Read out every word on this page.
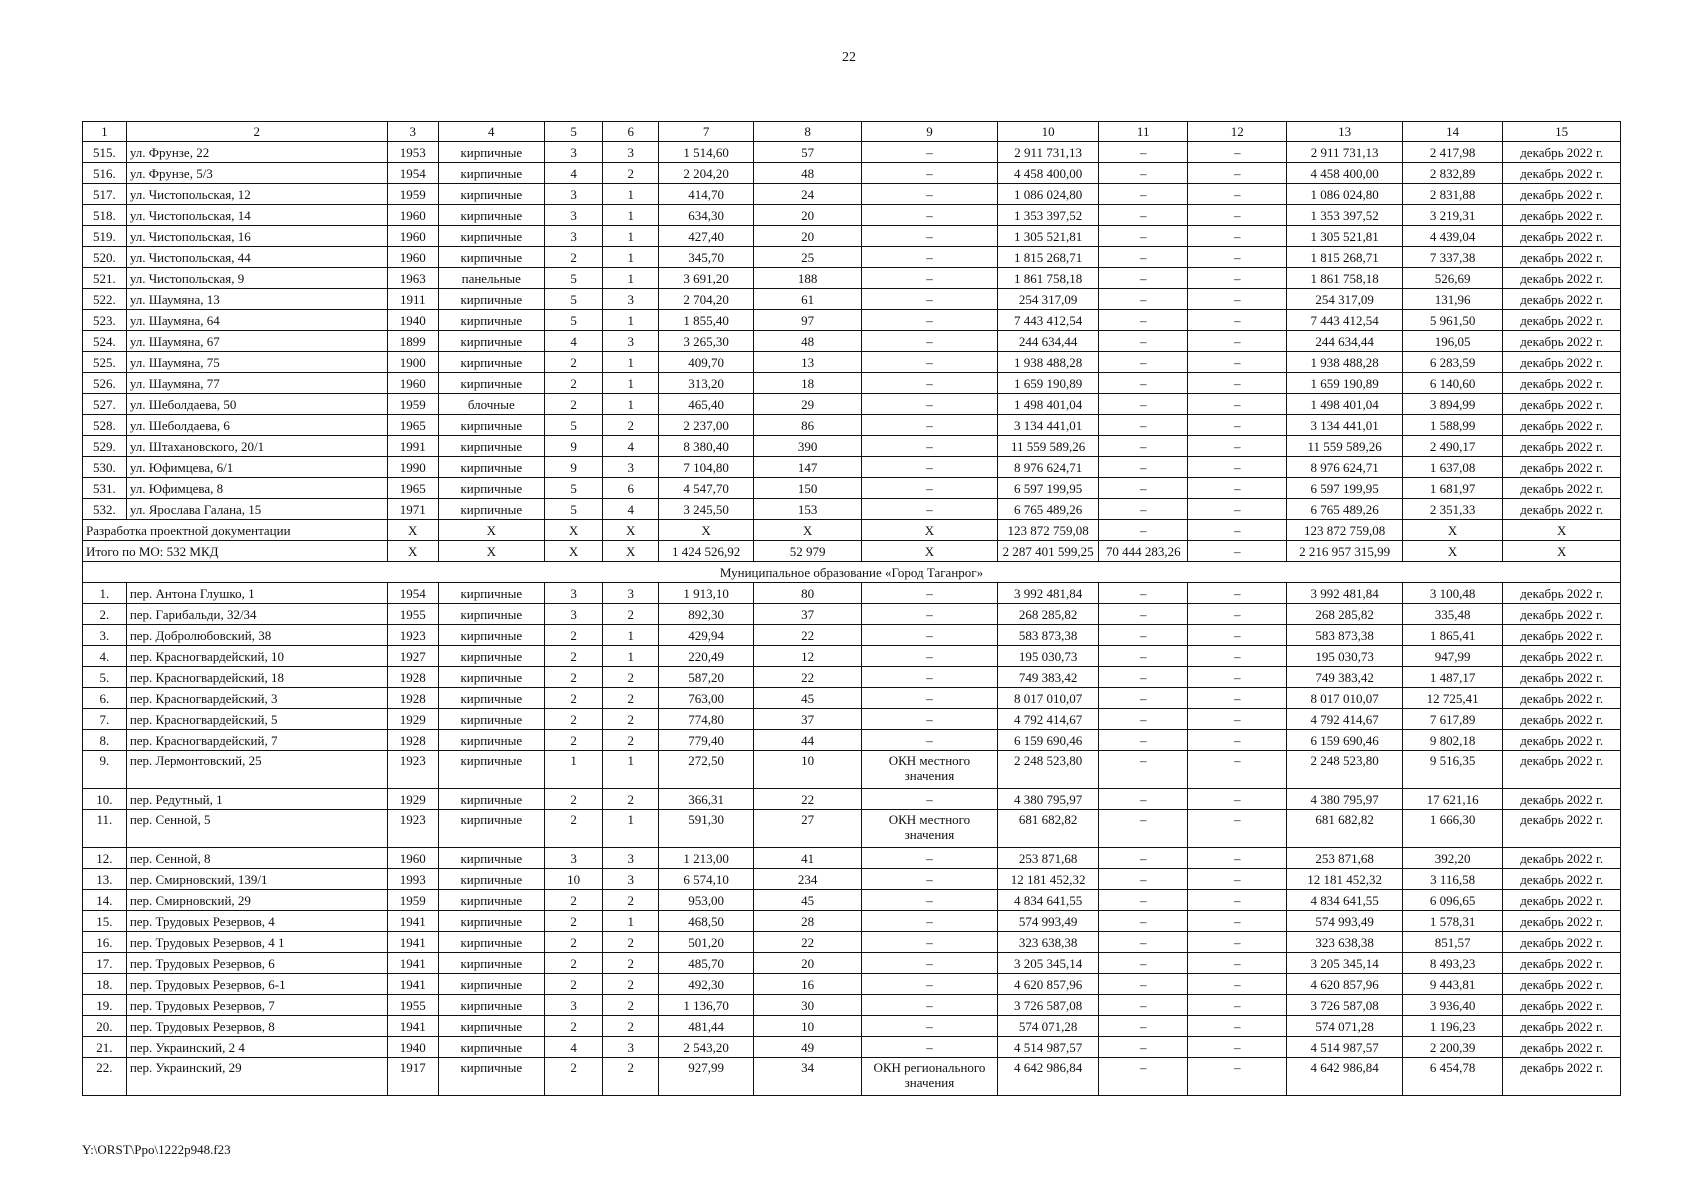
22
1	2	3	4	5	6	7	8	9	10	11	12	13	14	15
515.	ул. Фрунзе, 22	1953	кирпичные	3	3	1 514,60	57	–	2 911 731,13	–	–	2 911 731,13	2 417,98	декабрь 2022 г.
516.	ул. Фрунзе, 5/3	1954	кирпичные	4	2	2 204,20	48	–	4 458 400,00	–	–	4 458 400,00	2 832,89	декабрь 2022 г.
517.	ул. Чистопольская, 12	1959	кирпичные	3	1	414,70	24	–	1 086 024,80	–	–	1 086 024,80	2 831,88	декабрь 2022 г.
518.	ул. Чистопольская, 14	1960	кирпичные	3	1	634,30	20	–	1 353 397,52	–	–	1 353 397,52	3 219,31	декабрь 2022 г.
519.	ул. Чистопольская, 16	1960	кирпичные	3	1	427,40	20	–	1 305 521,81	–	–	1 305 521,81	4 439,04	декабрь 2022 г.
520.	ул. Чистопольская, 44	1960	кирпичные	2	1	345,70	25	–	1 815 268,71	–	–	1 815 268,71	7 337,38	декабрь 2022 г.
521.	ул. Чистопольская, 9	1963	панельные	5	1	3 691,20	188	–	1 861 758,18	–	–	1 861 758,18	526,69	декабрь 2022 г.
522.	ул. Шаумяна, 13	1911	кирпичные	5	3	2 704,20	61	–	254 317,09	–	–	254 317,09	131,96	декабрь 2022 г.
523.	ул. Шаумяна, 64	1940	кирпичные	5	1	1 855,40	97	–	7 443 412,54	–	–	7 443 412,54	5 961,50	декабрь 2022 г.
524.	ул. Шаумяна, 67	1899	кирпичные	4	3	3 265,30	48	–	244 634,44	–	–	244 634,44	196,05	декабрь 2022 г.
525.	ул. Шаумяна, 75	1900	кирпичные	2	1	409,70	13	–	1 938 488,28	–	–	1 938 488,28	6 283,59	декабрь 2022 г.
526.	ул. Шаумяна, 77	1960	кирпичные	2	1	313,20	18	–	1 659 190,89	–	–	1 659 190,89	6 140,60	декабрь 2022 г.
527.	ул. Шеболдаева, 50	1959	блочные	2	1	465,40	29	–	1 498 401,04	–	–	1 498 401,04	3 894,99	декабрь 2022 г.
528.	ул. Шеболдаева, 6	1965	кирпичные	5	2	2 237,00	86	–	3 134 441,01	–	–	3 134 441,01	1 588,99	декабрь 2022 г.
529.	ул. Штахановского, 20/1	1991	кирпичные	9	4	8 380,40	390	–	11 559 589,26	–	–	11 559 589,26	2 490,17	декабрь 2022 г.
530.	ул. Юфимцева, 6/1	1990	кирпичные	9	3	7 104,80	147	–	8 976 624,71	–	–	8 976 624,71	1 637,08	декабрь 2022 г.
531.	ул. Юфимцева, 8	1965	кирпичные	5	6	4 547,70	150	–	6 597 199,95	–	–	6 597 199,95	1 681,97	декабрь 2022 г.
532.	ул. Ярослава Галана, 15	1971	кирпичные	5	4	3 245,50	153	–	6 765 489,26	–	–	6 765 489,26	2 351,33	декабрь 2022 г.
Разработка проектной документации		X	X	X	X	X	X	X	123 872 759,08	–	–	123 872 759,08	X	X
Итого по МО: 532 МКД		X	X	X	X	1 424 526,92	52 979	X	2 287 401 599,25	70 444 283,26	–	2 216 957 315,99	X	X
Муниципальное образование «Город Таганрог»														
1.	пер. Антона Глушко, 1	1954	кирпичные	3	3	1 913,10	80	–	3 992 481,84	–	–	3 992 481,84	3 100,48	декабрь 2022 г.
2.	пер. Гарибальди, 32/34	1955	кирпичные	3	2	892,30	37	–	268 285,82	–	–	268 285,82	335,48	декабрь 2022 г.
3.	пер. Добролюбовский, 38	1923	кирпичные	2	1	429,94	22	–	583 873,38	–	–	583 873,38	1 865,41	декабрь 2022 г.
4.	пер. Красногвардейский, 10	1927	кирпичные	2	1	220,49	12	–	195 030,73	–	–	195 030,73	947,99	декабрь 2022 г.
5.	пер. Красногвардейский, 18	1928	кирпичные	2	2	587,20	22	–	749 383,42	–	–	749 383,42	1 487,17	декабрь 2022 г.
6.	пер. Красногвардейский, 3	1928	кирпичные	2	2	763,00	45	–	8 017 010,07	–	–	8 017 010,07	12 725,41	декабрь 2022 г.
7.	пер. Красногвардейский, 5	1929	кирпичные	2	2	774,80	37	–	4 792 414,67	–	–	4 792 414,67	7 617,89	декабрь 2022 г.
8.	пер. Красногвардейский, 7	1928	кирпичные	2	2	779,40	44	–	6 159 690,46	–	–	6 159 690,46	9 802,18	декабрь 2022 г.
9.	пер. Лермонтовский, 25	1923	кирпичные	1	1	272,50	10	ОКН местного значения	2 248 523,80	–	–	2 248 523,80	9 516,35	декабрь 2022 г.
10.	пер. Редутный, 1	1929	кирпичные	2	2	366,31	22	–	4 380 795,97	–	–	4 380 795,97	17 621,16	декабрь 2022 г.
11.	пер. Сенной, 5	1923	кирпичные	2	1	591,30	27	ОКН местного значения	681 682,82	–	–	681 682,82	1 666,30	декабрь 2022 г.
12.	пер. Сенной, 8	1960	кирпичные	3	3	1 213,00	41	–	253 871,68	–	–	253 871,68	392,20	декабрь 2022 г.
13.	пер. Смирновский, 139/1	1993	кирпичные	10	3	6 574,10	234	–	12 181 452,32	–	–	12 181 452,32	3 116,58	декабрь 2022 г.
14.	пер. Смирновский, 29	1959	кирпичные	2	2	953,00	45	–	4 834 641,55	–	–	4 834 641,55	6 096,65	декабрь 2022 г.
15.	пер. Трудовых Резервов, 4	1941	кирпичные	2	1	468,50	28	–	574 993,49	–	–	574 993,49	1 578,31	декабрь 2022 г.
16.	пер. Трудовых Резервов, 4 1	1941	кирпичные	2	2	501,20	22	–	323 638,38	–	–	323 638,38	851,57	декабрь 2022 г.
17.	пер. Трудовых Резервов, 6	1941	кирпичные	2	2	485,70	20	–	3 205 345,14	–	–	3 205 345,14	8 493,23	декабрь 2022 г.
18.	пер. Трудовых Резервов, 6-1	1941	кирпичные	2	2	492,30	16	–	4 620 857,96	–	–	4 620 857,96	9 443,81	декабрь 2022 г.
19.	пер. Трудовых Резервов, 7	1955	кирпичные	3	2	1 136,70	30	–	3 726 587,08	–	–	3 726 587,08	3 936,40	декабрь 2022 г.
20.	пер. Трудовых Резервов, 8	1941	кирпичные	2	2	481,44	10	–	574 071,28	–	–	574 071,28	1 196,23	декабрь 2022 г.
21.	пер. Украинский, 2 4	1940	кирпичные	4	3	2 543,20	49	–	4 514 987,57	–	–	4 514 987,57	2 200,39	декабрь 2022 г.
22.	пер. Украинский, 29	1917	кирпичные	2	2	927,99	34	ОКН регионального значения	4 642 986,84	–	–	4 642 986,84	6 454,78	декабрь 2022 г.
Y:\ORST\Ppo\1222p948.f23
